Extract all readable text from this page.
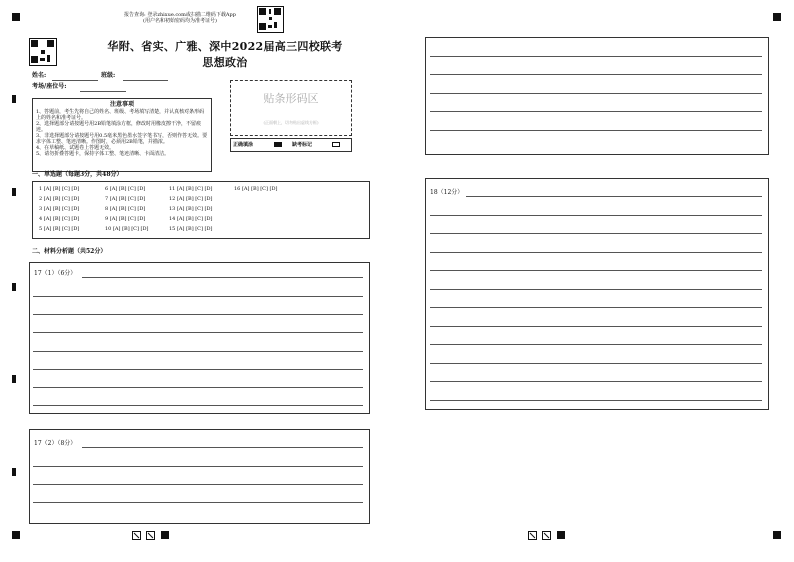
报告查询: 登录zhixue.com或扫描二维码下载App
(用户名和初始密码均为准考证号)
华附、省实、广雅、深中2022届高三四校联考
思想政治
姓名:	班级:
考场/座位号:
注意事项
1、答题前，考生先将自己的姓名、班级、考场填写清楚，并认真核对条形码上的姓名和准考证号。
2、选择题部分请按题号用2B铅笔填涂方框，修改时用橡皮擦干净，不留痕迹。
3、非选择题部分请按题号用0.5毫米黑色墨水签字笔书写，否则作答无效。要求字体工整、笔迹清晰。作图时，必须用2B铅笔，并描浓。
4、在草稿纸、试题卷上答题无效。
5、请勿折叠答题卡，保持字体工整、笔迹清晰、卡面清洁。
贴条形码区
(正面朝上，切勿贴出虚线方框)
正确填涂	缺考标记
一、单选题（每题3分，共48分）
1 [A] [B] [C] [D]
2 [A] [B] [C] [D]
3 [A] [B] [C] [D]
4 [A] [B] [C] [D]
5 [A] [B] [C] [D]
6 [A] [B] [C] [D]
7 [A] [B] [C] [D]
8 [A] [B] [C] [D]
9 [A] [B] [C] [D]
10 [A] [B] [C] [D]
11 [A] [B] [C] [D]
12 [A] [B] [C] [D]
13 [A] [B] [C] [D]
14 [A] [B] [C] [D]
15 [A] [B] [C] [D]
16 [A] [B] [C] [D]
二、材料分析题（共52分）
17（1）（6分）
17（2）（8分）
18（12分）
